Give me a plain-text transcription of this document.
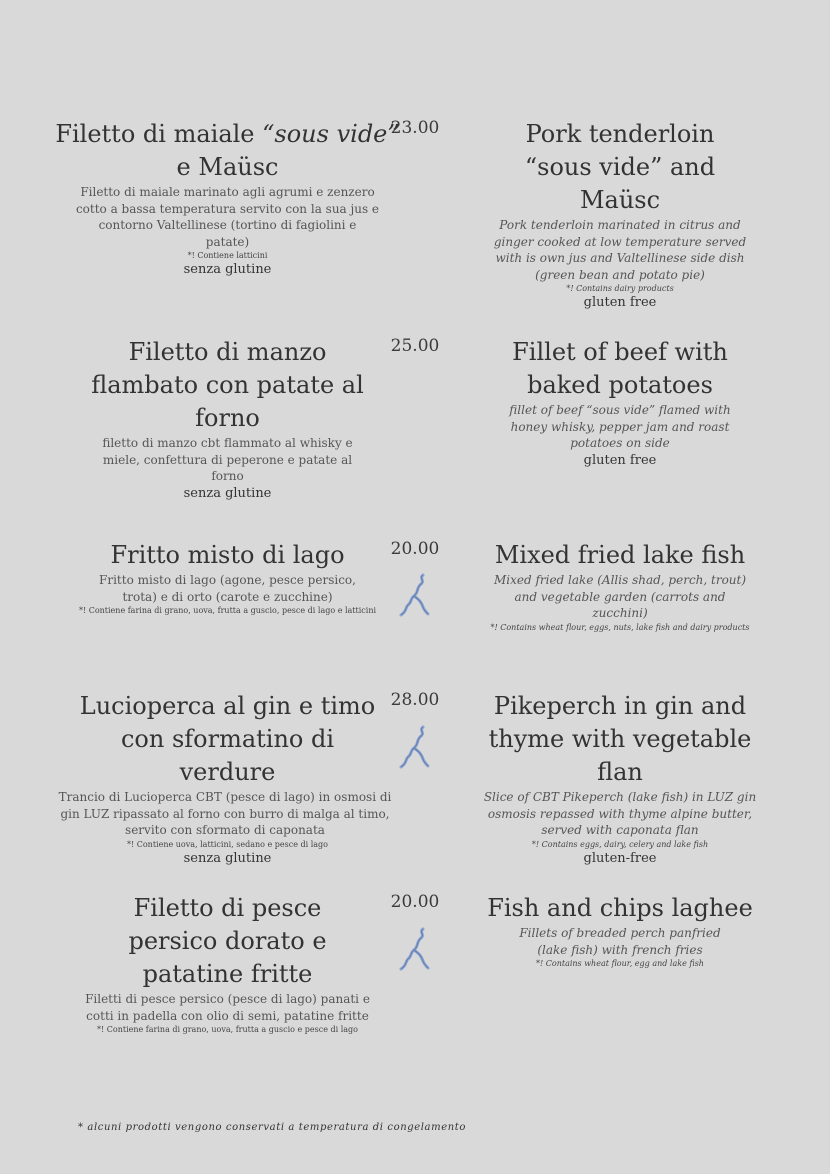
Filetto di maiale “sous vide”
e Maüsc

Filetto di maiale marinato agli agrumi e zenzero cotto a bassa temperatura servito con la sua jus e contorno Valtellinese (tortino di fagiolini e patate)

*! Contiene latticini

senza glutine

23.00	Pork tenderloin “sous vide” and Maüsc

Pork tenderloin marinated in citrus and ginger cooked at low temperature served with is own jus and Valtellinese side dish (green bean and potato pie)

*! Contains dairy products

gluten free

Filetto di manzo flambato con patate al forno

filetto di manzo cbt flammato al whisky e miele, confettura di peperone e patate al forno

senza glutine

25.00	Fillet of beef with baked potatoes

fillet of beef “sous vide” flamed with honey whisky, pepper jam and roast potatoes on side

gluten free

Fritto misto di lago

Fritto misto di lago (agone, pesce persico, trota) e di orto (carote e zucchine)

*! Contiene farina di grano, uova, frutta a guscio, pesce di lago e latticini

20.00	Mixed fried lake fish

Mixed fried lake (Allis shad, perch, trout) and vegetable garden (carrots and zucchini)

*! Contains wheat flour, eggs, nuts, lake fish and dairy products

Lucioperca al gin e timo con sformatino di verdure

Trancio di Lucioperca CBT (pesce di lago) in osmosi di gin LUZ ripassato al forno con burro di malga al timo, servito con sformato di caponata

*! Contiene uova, latticini, sedano e pesce di lago

senza glutine

28.00	Pikeperch in gin and thyme with vegetable flan

Slice of CBT Pikeperch (lake fish) in LUZ gin osmosis repassed with thyme alpine butter, served with caponata flan

*! Contains eggs, dairy, celery and lake fish

gluten-free

Filetto di pesce persico dorato e patatine fritte

Filetti di pesce persico (pesce di lago) panati e cotti in padella con olio di semi, patatine fritte

*! Contiene farina di grano, uova, frutta a guscio e pesce di lago

20.00	Fish and chips laghee

Fillets of breaded perch panfried (lake fish) with french fries

*! Contains wheat flour, egg and lake fish

* alcuni prodotti vengono conservati a temperatura di congelamento
